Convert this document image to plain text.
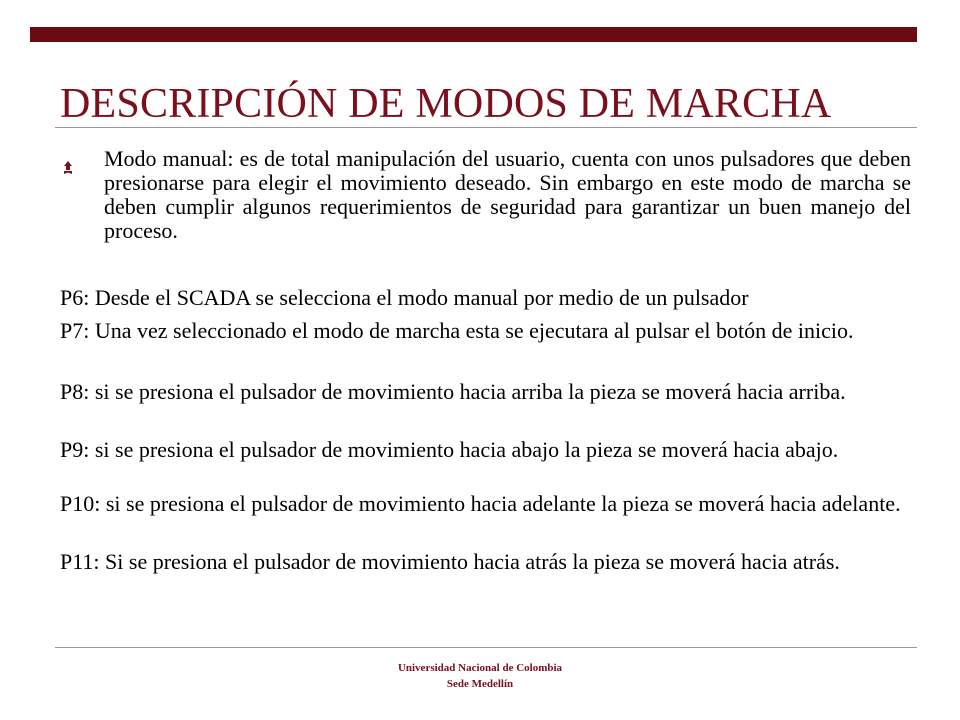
DESCRIPCIÓN DE MODOS DE MARCHA

Modo manual: es de total manipulación del usuario, cuenta con unos pulsadores que deben presionarse para elegir el movimiento deseado. Sin embargo en este modo de marcha se deben cumplir algunos requerimientos de seguridad para garantizar un buen manejo del proceso.

P6: Desde el SCADA se selecciona el modo manual por medio de un pulsador

P7: Una vez seleccionado el modo de marcha esta se ejecutara al pulsar el botón de inicio.

P8: si se presiona el pulsador de movimiento hacia arriba la pieza se moverá hacia arriba.

P9: si se presiona el pulsador de movimiento hacia abajo la pieza se moverá hacia abajo.

P10: si se presiona el pulsador de movimiento hacia adelante la pieza se moverá hacia adelante.

P11: Si se presiona el pulsador de movimiento hacia atrás la pieza se moverá hacia atrás.

Universidad Nacional de Colombia
Sede Medellín
